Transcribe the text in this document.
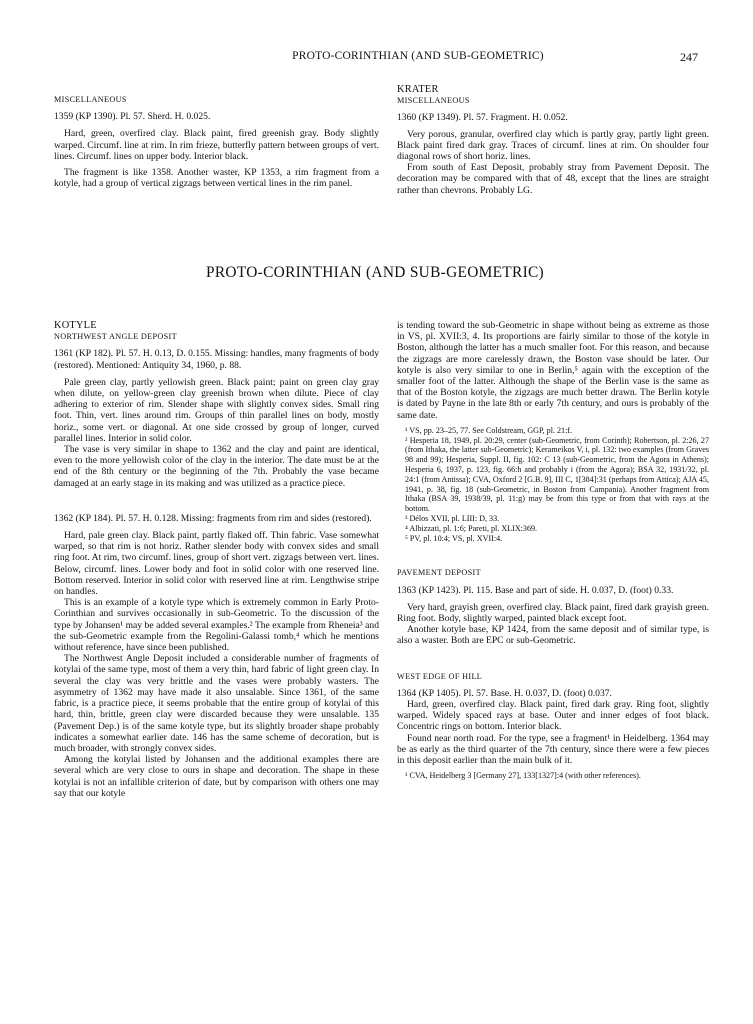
PROTO-CORINTHIAN (AND SUB-GEOMETRIC)	247
MISCELLANEOUS

1359 (KP 1390). Pl. 57. Sherd. H. 0.025.

Hard, green, overfired clay. Black paint, fired greenish gray. Body slightly warped. Circumf. line at rim. In rim frieze, butterfly pattern between groups of vert. lines. Circumf. lines on upper body. Interior black.

The fragment is like 1358. Another waster, KP 1353, a rim fragment from a kotyle, had a group of vertical zigzags between vertical lines in the rim panel.

KRATER
MISCELLANEOUS

1360 (KP 1349). Pl. 57. Fragment. H. 0.052.

Very porous, granular, overfired clay which is partly gray, partly light green. Black paint fired dark gray. Traces of circumf. lines at rim. On shoulder four diagonal rows of short horiz. lines.

From south of East Deposit, probably stray from Pavement Deposit. The decoration may be compared with that of 48, except that the lines are straight rather than chevrons. Probably LG.

PROTO-CORINTHIAN (AND SUB-GEOMETRIC)
KOTYLE
NORTHWEST ANGLE DEPOSIT

1361 (KP 182). Pl. 57. H. 0.13, D. 0.155. Missing: handles, many fragments of body (restored). Mentioned: Antiquity 34, 1960, p. 88.

Pale green clay, partly yellowish green. Black paint; paint on green clay gray when dilute, on yellow-green clay greenish brown when dilute. Piece of clay adhering to exterior of rim. Slender shape with slightly convex sides. Small ring foot. Thin, vert. lines around rim. Groups of thin parallel lines on body, mostly horiz., some vert. or diagonal. At one side crossed by group of longer, curved parallel lines. Interior in solid color.

The vase is very similar in shape to 1362 and the clay and paint are identical, even to the more yellowish color of the clay in the interior. The date must be at the end of the 8th century or the beginning of the 7th. Probably the vase became damaged at an early stage in its making and was utilized as a practice piece.

1362 (KP 184). Pl. 57. H. 0.128. Missing: fragments from rim and sides (restored).

Hard, pale green clay. Black paint, partly flaked off. Thin fabric. Vase somewhat warped, so that rim is not horiz. Rather slender body with convex sides and small ring foot. At rim, two circumf. lines, group of short vert. zigzags between vert. lines. Below, circumf. lines. Lower body and foot in solid color with one reserved line. Bottom reserved. Interior in solid color with reserved line at rim. Lengthwise stripe on handles.

This is an example of a kotyle type which is extremely common in Early Proto-Corinthian and survives occasionally in sub-Geometric. To the discussion of the type by Johansen¹ may be added several examples.² The example from Rheneia³ and the sub-Geometric example from the Regolini-Galassi tomb,⁴ which he mentions without reference, have since been published.

The Northwest Angle Deposit included a considerable number of fragments of kotylai of the same type, most of them a very thin, hard fabric of light green clay. In several the clay was very brittle and the vases were probably wasters. The asymmetry of 1362 may have made it also unsalable. Since 1361, of the same fabric, is a practice piece, it seems probable that the entire group of kotylai of this hard, thin, brittle, green clay were discarded because they were unsalable. 135 (Pavement Dep.) is of the same kotyle type, but its slightly broader shape probably indicates a somewhat earlier date. 146 has the same scheme of decoration, but is much broader, with strongly convex sides.

Among the kotylai listed by Johansen and the additional examples there are several which are very close to ours in shape and decoration. The shape in these kotylai is not an infallible criterion of date, but by comparison with others one may say that our kotyle

is tending toward the sub-Geometric in shape without being as extreme as those in VS, pl. XVII:3, 4. Its proportions are fairly similar to those of the kotyle in Boston, although the latter has a much smaller foot. For this reason, and because the zigzags are more carelessly drawn, the Boston vase should be later. Our kotyle is also very similar to one in Berlin,⁵ again with the exception of the smaller foot of the latter. Although the shape of the Berlin vase is the same as that of the Boston kotyle, the zigzags are much better drawn. The Berlin kotyle is dated by Payne in the late 8th or early 7th century, and ours is probably of the same date.

¹ VS, pp. 23–25, 77. See Coldstream, GGP, pl. 21:f.

² Hesperia 18, 1949, pl. 20:29, center (sub-Geometric, from Corinth); Robertson, pl. 2:26, 27 (from Ithaka, the latter sub-Geometric); Kerameikos V, i, pl. 132: two examples (from Graves 98 and 99); Hesperia, Suppl. II, fig. 102: C 13 (sub-Geometric, from the Agora in Athens); Hesperia 6, 1937, p. 123, fig. 66:h and probably i (from the Agora); BSA 32, 1931/32, pl. 24:1 (from Antissa); CVA, Oxford 2 [G.B. 9], III C, 1[384]:31 (perhaps from Attica); AJA 45, 1941, p. 38, fig. 18 (sub-Geometric, in Boston from Campania). Another fragment from Ithaka (BSA 39, 1938/39, pl. 11:g) may be from this type or from that with rays at the bottom.

³ Délos XVII, pl. LIII: D, 33.

⁴ Albizzati, pl. 1:6; Pareti, pl. XLIX:369.

⁵ PV, pl. 10:4; VS, pl. XVII:4.

PAVEMENT DEPOSIT

1363 (KP 1423). Pl. 115. Base and part of side. H. 0.037, D. (foot) 0.33.

Very hard, grayish green, overfired clay. Black paint, fired dark grayish green. Ring foot. Body, slightly warped, painted black except foot.

Another kotyle base, KP 1424, from the same deposit and of similar type, is also a waster. Both are EPC or sub-Geometric.

WEST EDGE OF HILL

1364 (KP 1405). Pl. 57. Base. H. 0.037, D. (foot) 0.037.

Hard, green, overfired clay. Black paint, fired dark gray. Ring foot, slightly warped. Widely spaced rays at base. Outer and inner edges of foot black. Concentric rings on bottom. Interior black.

Found near north road. For the type, see a fragment¹ in Heidelberg. 1364 may be as early as the third quarter of the 7th century, since there were a few pieces in this deposit earlier than the main bulk of it.

¹ CVA, Heidelberg 3 [Germany 27], 133[1327]:4 (with other references).
